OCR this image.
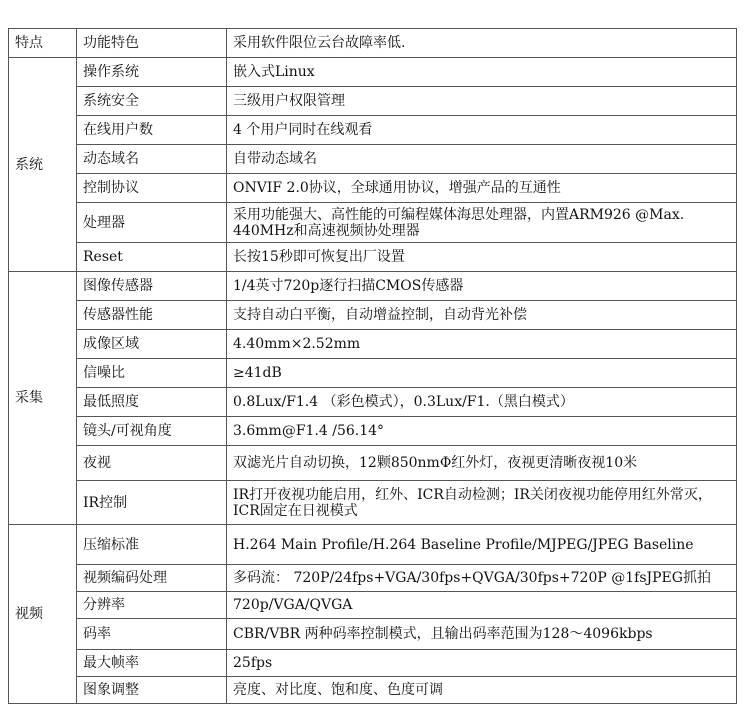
特点	功能特色	采用软件限位云台故障率低.
系统	操作系统	嵌入式Linux
	系统安全	三级用户权限管理
	在线用户数	4 个用户同时在线观看
	动态域名	自带动态域名
	控制协议	ONVIF 2.0协议，全球通用协议，增强产品的互通性
	处理器	采用功能强大、高性能的可编程媒体海思处理器，内置ARM926 @Max. 440MHz和高速视频协处理器
	Reset	长按15秒即可恢复出厂设置
采集	图像传感器	1/4英寸720p逐行扫描CMOS传感器
	传感器性能	支持自动白平衡，自动增益控制，自动背光补偿
	成像区域	4.40mm×2.52mm
	信噪比	≥41dB
	最低照度	0.8Lux/F1.4 （彩色模式），0.3Lux/F1.（黑白模式）
	镜头/可视角度	3.6mm@F1.4 /56.14°
	夜视	双滤光片自动切换，12颗850nmΦ红外灯，夜视更清晰夜视10米
	IR控制	IR打开夜视功能启用，红外、ICR自动检测；IR关闭夜视功能停用红外常灭，ICR固定在日视模式
视频	压缩标准	H.264 Main Profile/H.264 Baseline Profile/MJPEG/JPEG Baseline
	视频编码处理	多码流： 720P/24fps+VGA/30fps+QVGA/30fps+720P @1fsJPEG抓拍
	分辨率	720p/VGA/QVGA
	码率	CBR/VBR 两种码率控制模式，且输出码率范围为128～4096kbps
	最大帧率	25fps
	图象调整	亮度、对比度、饱和度、色度可调
